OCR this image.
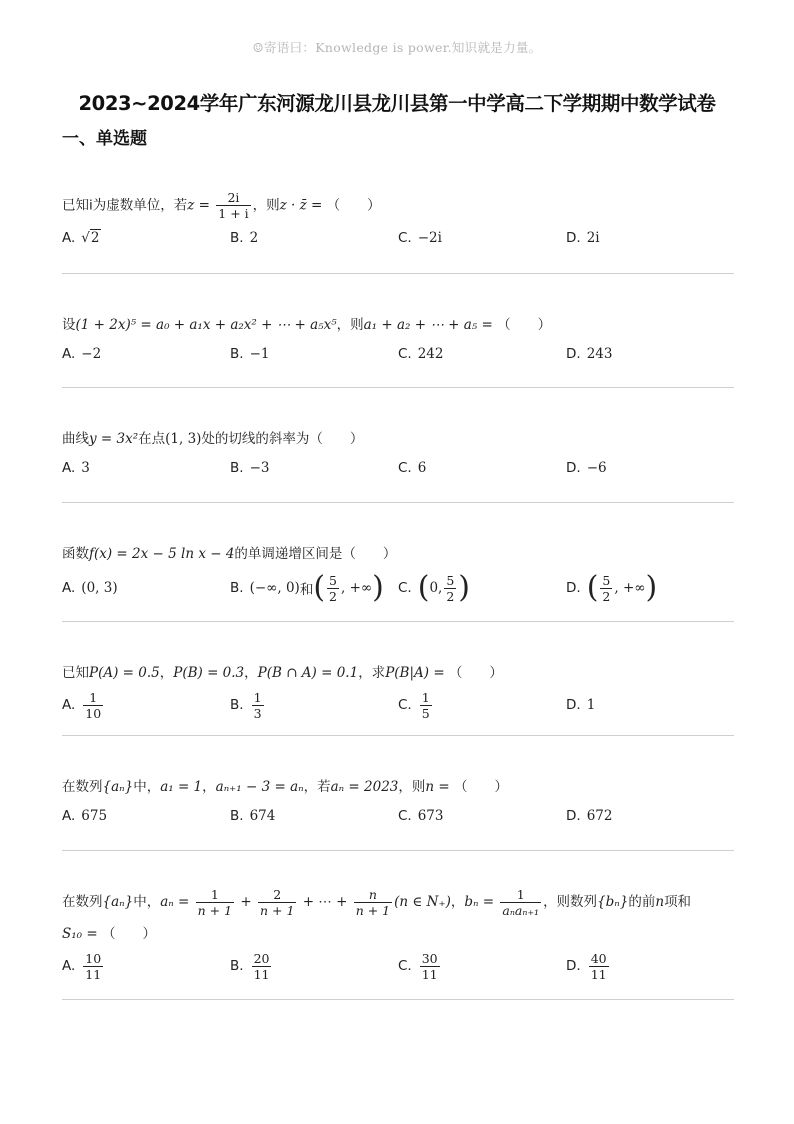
☺寄语曰：Knowledge is power.知识就是力量。
2023~2024学年广东河源龙川县龙川县第一中学高二下学期期中数学试卷
一、单选题
已知i为虚数单位，若$z = \frac{2i}{1 + i}$ ，则z · z̄ = （　　）
A. √2	B. 2	C. −2i	D. 2i
设(1 + 2x)⁵ = a₀ + a₁x + a₂x² + ⋯ + a₅x⁵，则a₁ + a₂ + ⋯ + a₅ = （　　）
A. −2	B. −1	C. 242	D. 243
曲线y = 3x²在点(1, 3)处的切线的斜率为（　　）
A. 3	B. −3	C. 6	D. −6
函数f(x) = 2x − 5 ln x − 4的单调递增区间是（　　）
A. (0, 3)	B. (−∞, 0) 和 ( $\frac{5}{2}$ , +∞ ) C. ( 0, $\frac{5}{2}$ )	D. ( $\frac{5}{2}$ , +∞ )
已知P(A) = 0.5，P(B) = 0.3，P(B ∩ A) = 0.1，求P(B|A) = （　　）
A. $\frac{1}{10}$	B. $\frac{1}{3}$	C. $\frac{1}{5}$	D. 1
在数列{aₙ}中，a₁ = 1，aₙ₊₁ − 3 = aₙ，若aₙ = 2023，则n = （　　）
A. 675	B. 674	C. 673	D. 672
在数列{aₙ}中，$a_n = \frac{1}{n + 1} + \frac{2}{n + 1}$ + ⋯ + $\frac{n}{n + 1} (n$ ∈ N₊)，$b_n = \frac{1}{\text{aₙaₙ₊₁}}$ ，则数列{bₙ}的前n项和
S₁₀ = （　　）
A. $\frac{10}{11}$	B. $\frac{20}{11}$	C. $\frac{30}{11}$	D. $\frac{40}{11}$
